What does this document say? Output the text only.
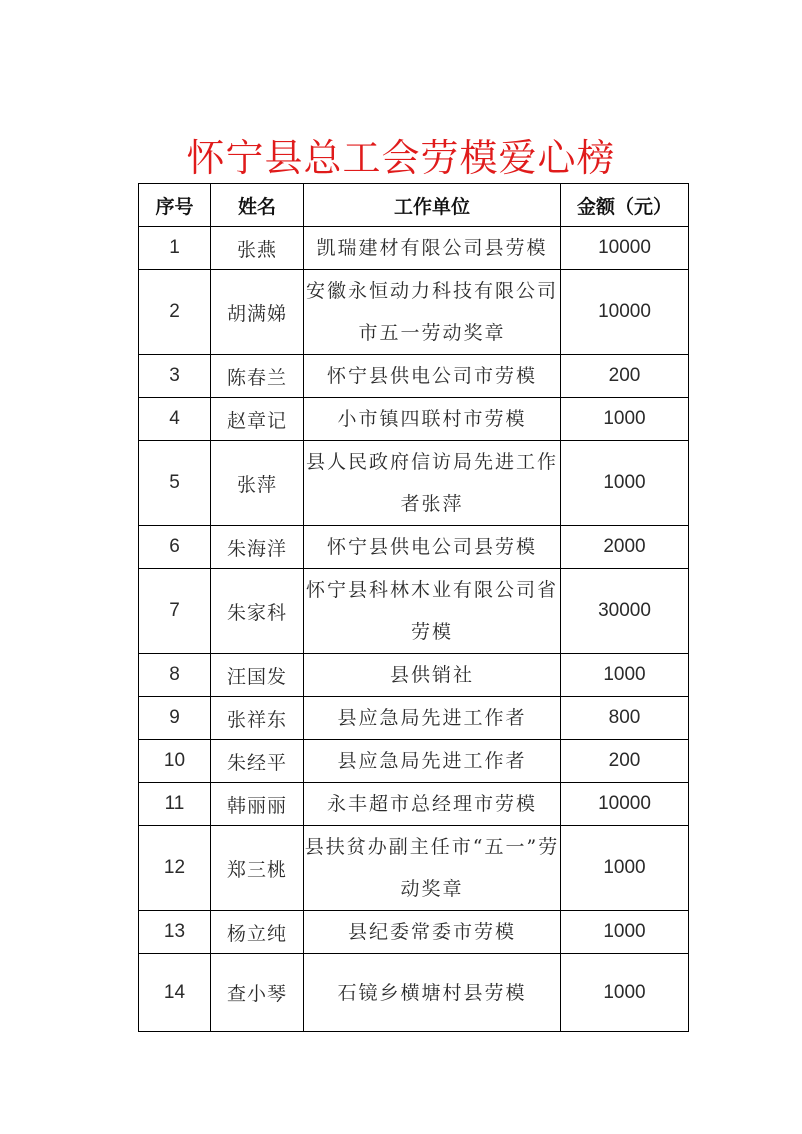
怀宁县总工会劳模爱心榜
序号	姓名	工作单位	金额（元）
1	张燕	凯瑞建材有限公司县劳模	10000
2	胡满娣	安徽永恒动力科技有限公司市五一劳动奖章	10000
3	陈春兰	怀宁县供电公司市劳模	200
4	赵章记	小市镇四联村市劳模	1000
5	张萍	县人民政府信访局先进工作者张萍	1000
6	朱海洋	怀宁县供电公司县劳模	2000
7	朱家科	怀宁县科林木业有限公司省劳模	30000
8	汪国发	县供销社	1000
9	张祥东	县应急局先进工作者	800
10	朱经平	县应急局先进工作者	200
11	韩丽丽	永丰超市总经理市劳模	10000
12	郑三桃	县扶贫办副主任市“五一”劳动奖章	1000
13	杨立纯	县纪委常委市劳模	1000
14	查小琴	石镜乡横塘村县劳模	1000
